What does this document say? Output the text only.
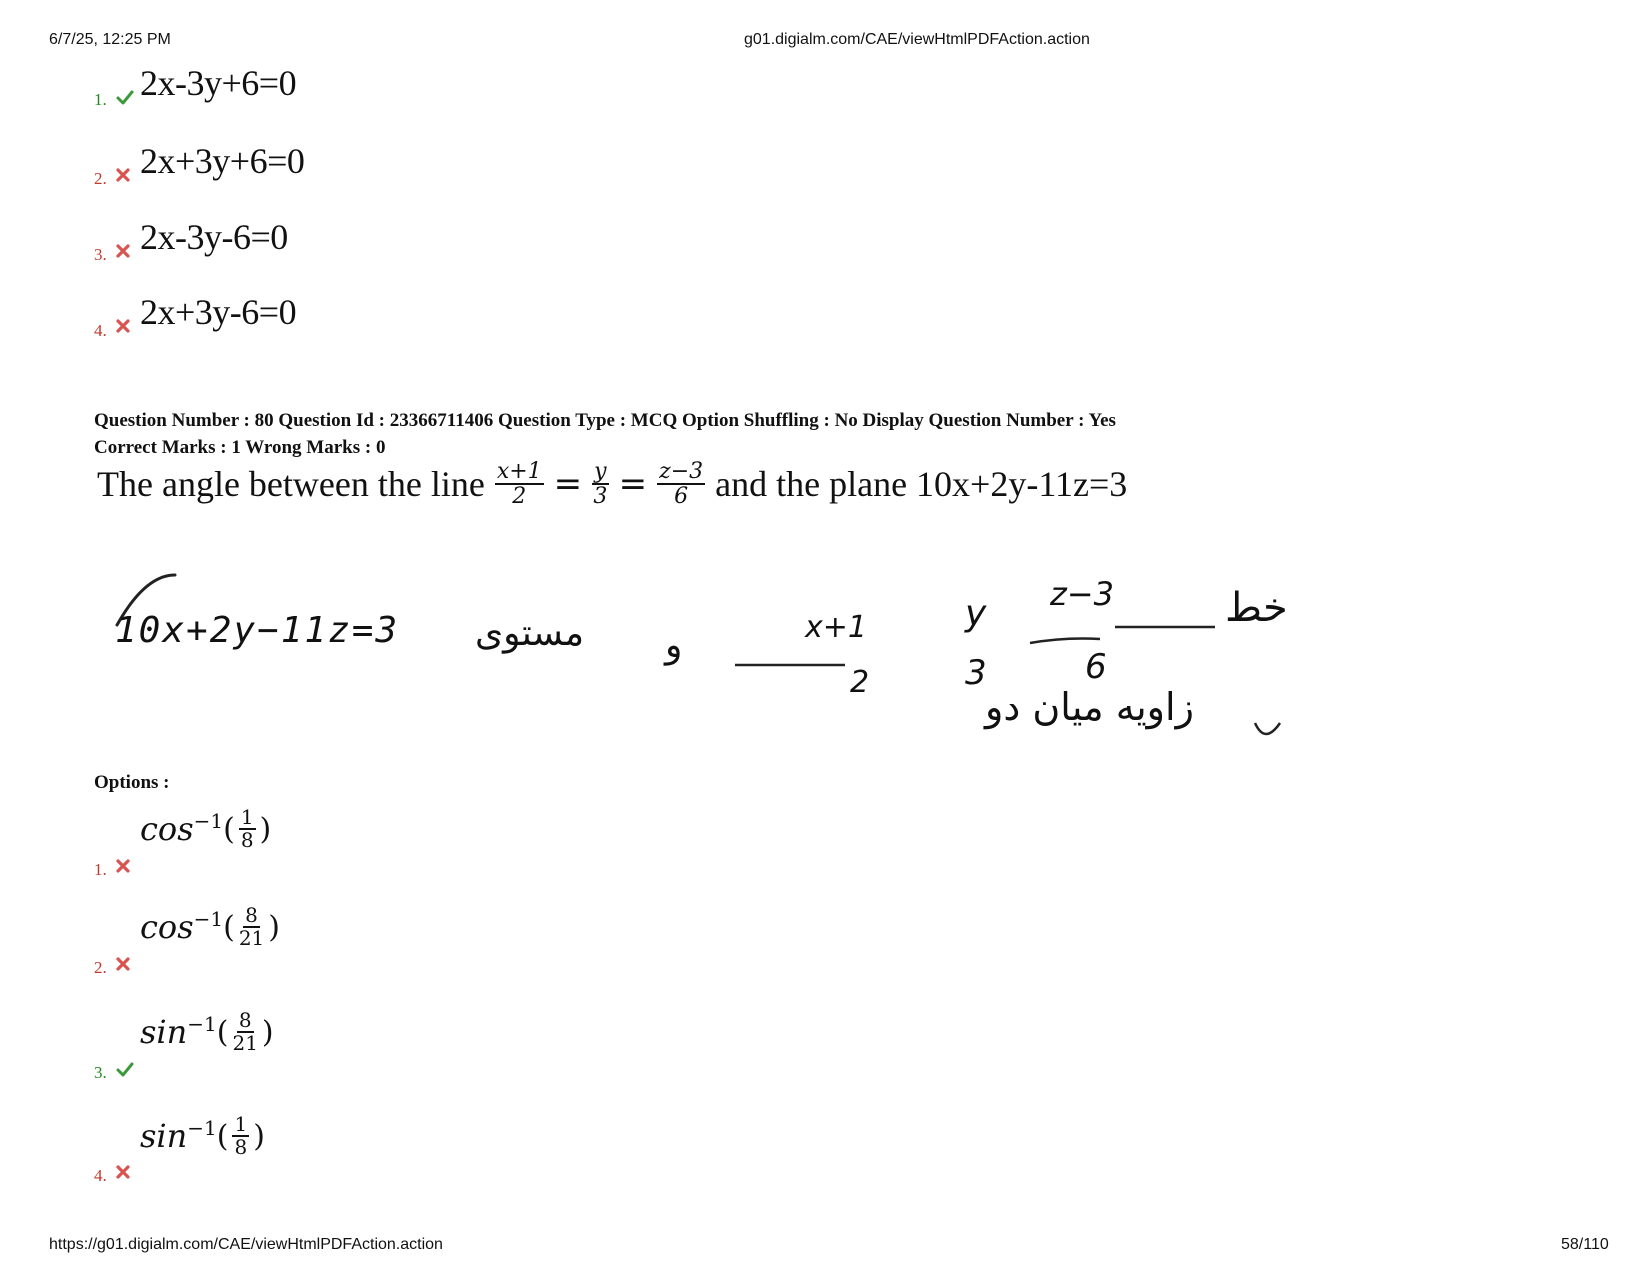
6/7/25, 12:25 PM	g01.digialm.com/CAE/viewHtmlPDFAction.action
1. 2x-3y+6=0
2. 2x+3y+6=0
3. 2x-3y-6=0
4. 2x+3y-6=0
Question Number : 80 Question Id : 23366711406 Question Type : MCQ Option Shuffling : No Display Question Number : Yes
Correct Marks : 1 Wrong Marks : 0
The angle between the line $\frac{x+1}{2} = \frac{y}{3} = \frac{z-3}{6}$ and the plane 10x+2y-11z=3
10x+2y−11z=3 مستوی و	x+1
2
y
3
z−3
6
خط
زاویه میان دو
Options :
1.
$\cos^{-1}$ ( $\frac{1}{8}$ )
2.
$\cos^{-1}$ ( $\frac{8}{21}$ )
3.
$\sin^{-1}$ ( $\frac{8}{21}$ )
4.
$\sin^{-1}$ ( $\frac{1}{8}$ )
https://g01.digialm.com/CAE/viewHtmlPDFAction.action	58/110
